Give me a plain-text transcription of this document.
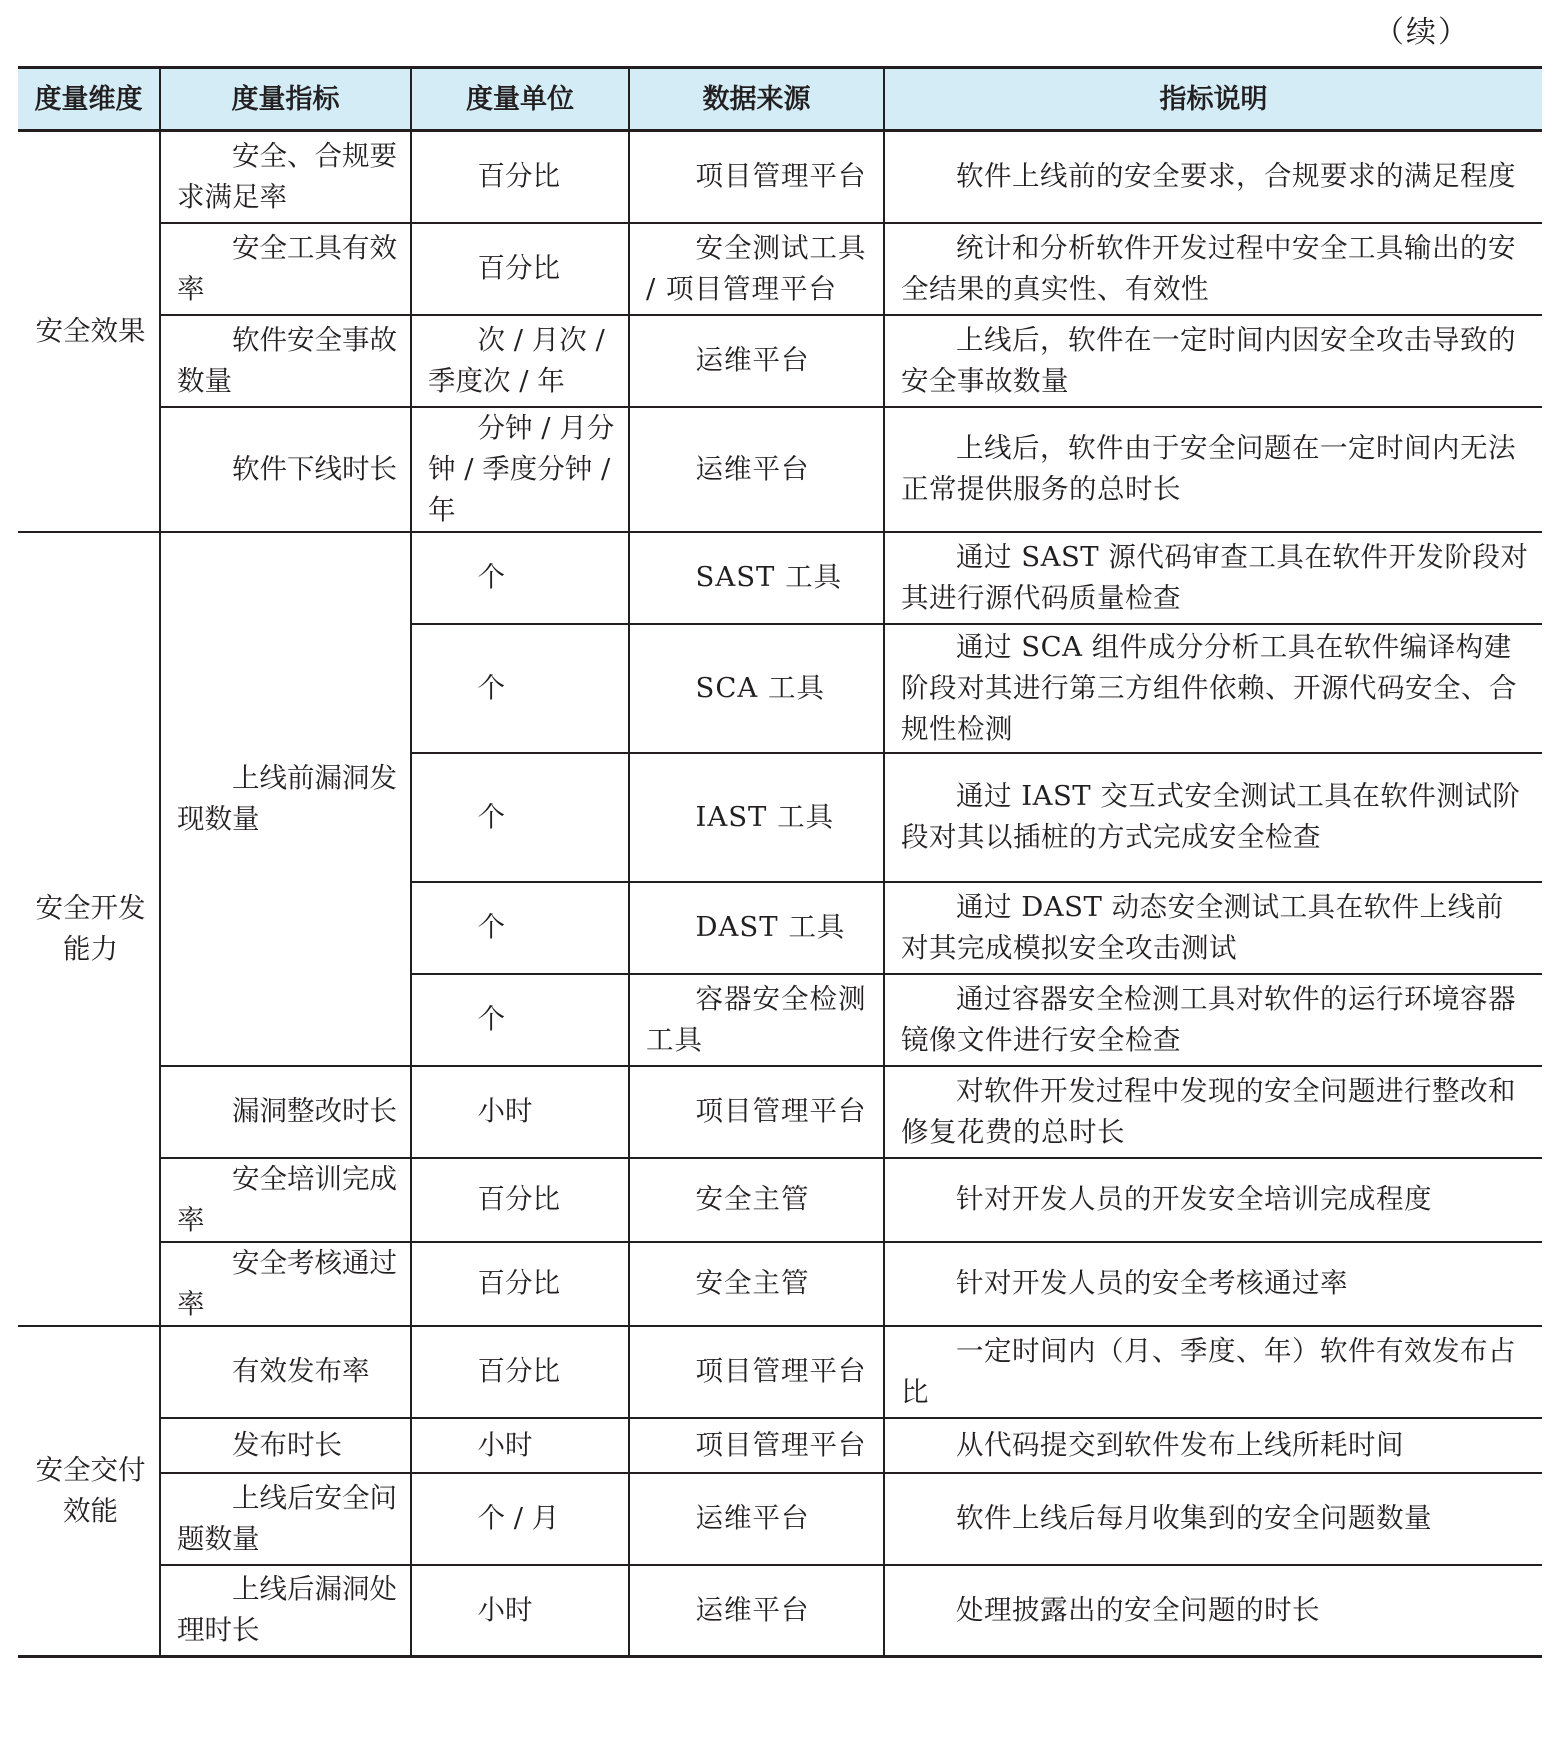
（续）
度量维度	度量指标	度量单位	数据来源	指标说明
安全效果	安全、合规要求满足率	百分比	项目管理平台	软件上线前的安全要求，合规要求的满足程度
	安全工具有效率	百分比	安全测试工具 / 项目管理平台	统计和分析软件开发过程中安全工具输出的安全结果的真实性、有效性
	软件安全事故数量	次 / 月次 / 季度次 / 年	运维平台	上线后，软件在一定时间内因安全攻击导致的安全事故数量
	软件下线时长	分钟 / 月分钟 / 季度分钟 / 年	运维平台	上线后，软件由于安全问题在一定时间内无法正常提供服务的总时长
安全开发能力	上线前漏洞发现数量	个	SAST 工具	通过 SAST 源代码审查工具在软件开发阶段对其进行源代码质量检查
		个	SCA 工具	通过 SCA 组件成分分析工具在软件编译构建阶段对其进行第三方组件依赖、开源代码安全、合规性检测
		个	IAST 工具	通过 IAST 交互式安全测试工具在软件测试阶段对其以插桩的方式完成安全检查
		个	DAST 工具	通过 DAST 动态安全测试工具在软件上线前对其完成模拟安全攻击测试
		个	容器安全检测工具	通过容器安全检测工具对软件的运行环境容器镜像文件进行安全检查
	漏洞整改时长	小时	项目管理平台	对软件开发过程中发现的安全问题进行整改和修复花费的总时长
	安全培训完成率	百分比	安全主管	针对开发人员的开发安全培训完成程度
	安全考核通过率	百分比	安全主管	针对开发人员的安全考核通过率
安全交付效能	有效发布率	百分比	项目管理平台	一定时间内（月、季度、年）软件有效发布占比
	发布时长	小时	项目管理平台	从代码提交到软件发布上线所耗时间
	上线后安全问题数量	个 / 月	运维平台	软件上线后每月收集到的安全问题数量
	上线后漏洞处理时长	小时	运维平台	处理披露出的安全问题的时长
